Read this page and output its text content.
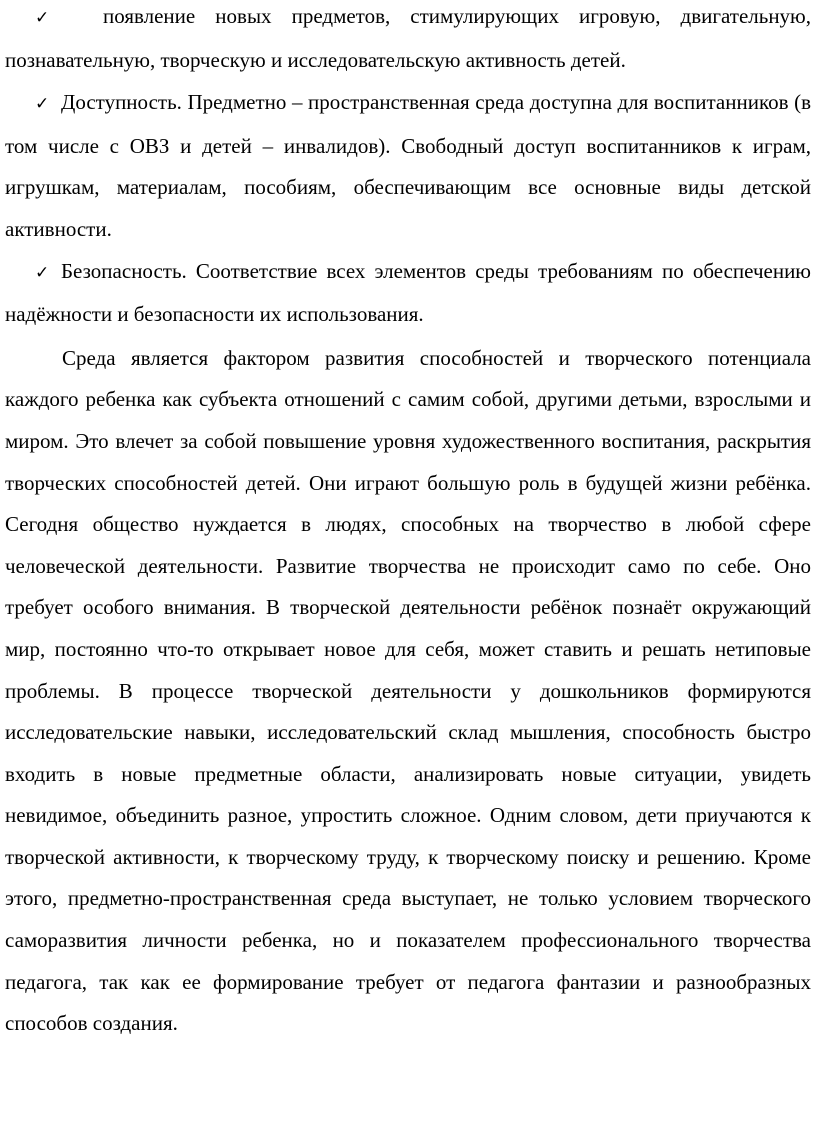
✓	появление новых предметов, стимулирующих игровую, двигательную, познавательную, творческую и исследовательскую активность детей.

✓ Доступность. Предметно – пространственная среда доступна для воспитанников (в том числе с ОВЗ и детей – инвалидов). Свободный доступ воспитанников к играм, игрушкам, материалам, пособиям, обеспечивающим все основные виды детской активности.

✓ Безопасность. Соответствие всех элементов среды требованиям по обеспечению надёжности и безопасности их использования.

Среда является фактором развития способностей и творческого потенциала каждого ребенка как субъекта отношений с самим собой, другими детьми, взрослыми и миром. Это влечет за собой повышение уровня художественного воспитания, раскрытия творческих способностей детей. Они играют большую роль в будущей жизни ребёнка. Сегодня общество нуждается в людях, способных на творчество в любой сфере человеческой деятельности. Развитие творчества не происходит само по себе. Оно требует особого внимания. В творческой деятельности ребёнок познаёт окружающий мир, постоянно что-то открывает новое для себя, может ставить и решать нетиповые проблемы. В процессе творческой деятельности у дошкольников формируются исследовательские навыки, исследовательский склад мышления, способность быстро входить в новые предметные области, анализировать новые ситуации, увидеть невидимое, объединить разное, упростить сложное. Одним словом, дети приучаются к творческой активности, к творческому труду, к творческому поиску и решению. Кроме этого, предметно-пространственная среда выступает, не только условием творческого саморазвития личности ребенка, но и показателем профессионального творчества педагога, так как ее формирование требует от педагога фантазии и разнообразных способов создания.
